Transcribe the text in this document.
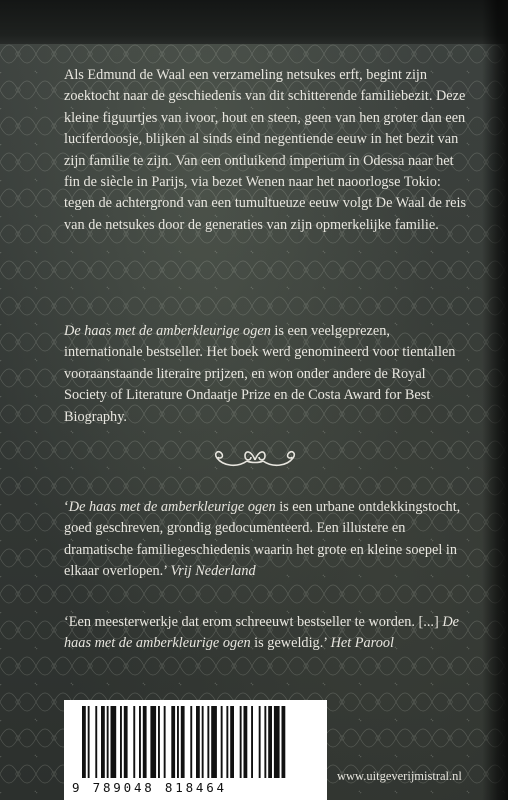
Als Edmund de Waal een verzameling netsukes erft, begint zijn zoektocht naar de geschiedenis van dit schitterende familiebezit. Deze kleine figuurtjes van ivoor, hout en steen, geen van hen groter dan een luciferdoosje, blijken al sinds eind negentiende eeuw in het bezit van zijn familie te zijn. Van een ontluikend imperium in Odessa naar het fin de siècle in Parijs, via bezet Wenen naar het naoorlogse Tokio: tegen de achtergrond van een tumultueuze eeuw volgt De Waal de reis van de netsukes door de generaties van zijn opmerkelijke familie.

De haas met de amberkleurige ogen is een veelgeprezen, internationale bestseller. Het boek werd genomineerd voor tientallen vooraanstaande literaire prijzen, en won onder andere de Royal Society of Literature Ondaatje Prize en de Costa Award for Best Biography.

‘De haas met de amberkleurige ogen is een urbane ontdekkingstocht, goed geschreven, grondig gedocumenteerd. Een illustere en dramatische familiegeschiedenis waarin het grote en kleine soepel in elkaar overlopen.’ Vrij Nederland

‘Een meesterwerkje dat erom schreeuwt bestseller te worden. [...] De haas met de amberkleurige ogen is geweldig.’ Het Parool

9 789048 818464
www.uitgeverijmistral.nl
